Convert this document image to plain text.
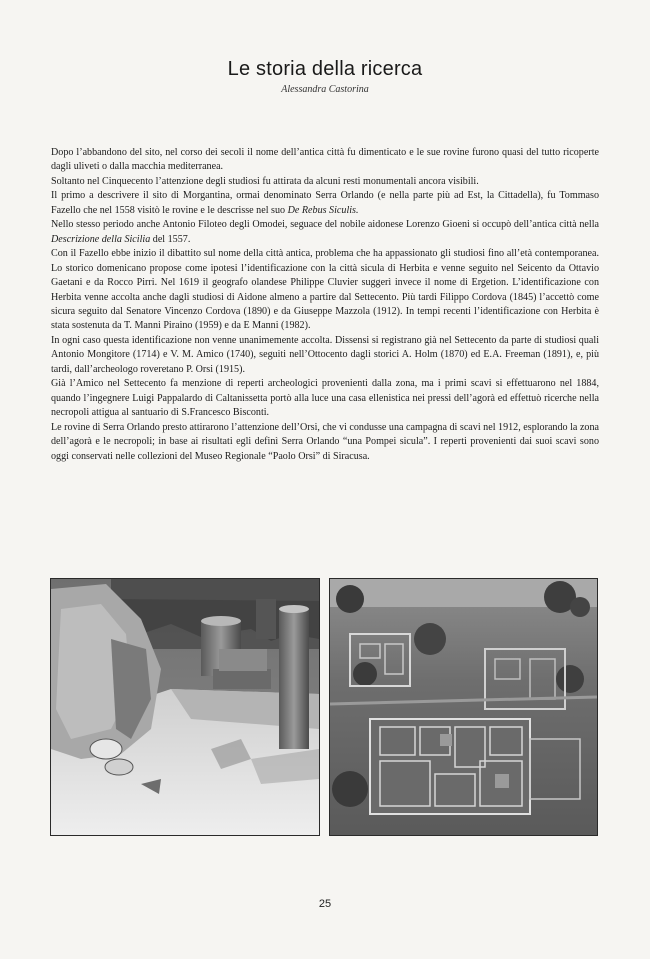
Le storia della ricerca
Alessandra Castorina

Dopo l’abbandono del sito, nel corso dei secoli il nome dell’antica città fu dimenticato e le sue rovine furono quasi del tutto ricoperte dagli uliveti o dalla macchia mediterranea.

Soltanto nel Cinquecento l’attenzione degli studiosi fu attirata da alcuni resti monumentali ancora visibili.

Il primo a descrivere il sito di Morgantina, ormai denominato Serra Orlando (e nella parte più ad Est, la Cittadella), fu Tommaso Fazello che nel 1558 visitò le rovine e le descrisse nel suo De Rebus Siculis.

Nello stesso periodo anche Antonio Filoteo degli Omodei, seguace del nobile aidonese Lorenzo Gioeni si occupò dell’antica città nella Descrizione della Sicilia del 1557.

Con il Fazello ebbe inizio il dibattito sul nome della città antica, problema che ha appassionato gli studiosi fino all’età contemporanea. Lo storico domenicano propose come ipotesi l’identificazione con la città sicula di Herbita e venne seguito nel Seicento da Ottavio Gaetani e da Rocco Pirri. Nel 1619 il geografo olandese Philippe Cluvier suggerì invece il nome di Ergetion. L’identificazione con Herbita venne accolta anche dagli studiosi di Aidone almeno a partire dal Settecento. Più tardi Filippo Cordova (1845) l’accettò come sicura seguito dal Senatore Vincenzo Cordova (1890) e da Giuseppe Mazzola (1912). In tempi recenti l’identificazione con Herbita è stata sostenuta da T. Manni Piraino (1959) e da E Manni (1982).

In ogni caso questa identificazione non venne unanimemente accolta. Dissensi si registrano già nel Settecento da parte di studiosi quali Antonio Mongitore (1714) e V. M. Amico (1740), seguiti nell’Ottocento dagli storici A. Holm (1870) ed E.A. Freeman (1891), e, più tardi, dall’archeologo roveretano P. Orsi (1915).

Già l’Amico nel Settecento fa menzione di reperti archeologici provenienti dalla zona, ma i primi scavi si effettuarono nel 1884, quando l’ingegnere Luigi Pappalardo di Caltanissetta portò alla luce una casa ellenistica nei pressi dell’agorà ed effettuò ricerche nella necropoli attigua al santuario di S.Francesco Bisconti.

Le rovine di Serra Orlando presto attirarono l’attenzione dell’Orsi, che vi condusse una campagna di scavi nel 1912, esplorando la zona dell’agorà e le necropoli; in base ai risultati egli definì Serra Orlando “una Pompei sicula”. I reperti provenienti dai suoi scavi sono oggi conservati nelle collezioni del Museo Regionale “Paolo Orsi” di Siracusa.

25
